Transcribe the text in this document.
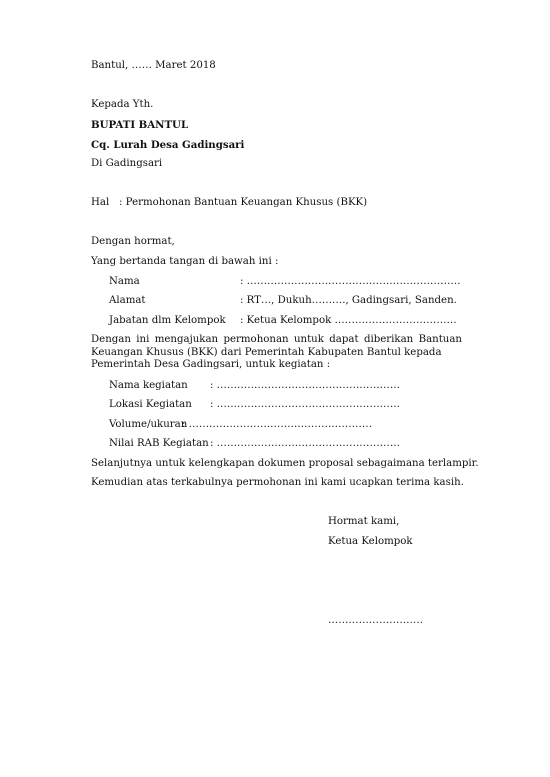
Bantul, …… Maret 2018
Kepada Yth.
BUPATI BANTUL
Cq. Lurah Desa Gadingsari
Di Gadingsari
Hal : Permohonan Bantuan Keuangan Khusus (BKK)
Dengan hormat,
Yang bertanda tangan di bawah ini :
Nama	: ………………………………………………………
Alamat	: RT…, Dukuh………., Gadingsari, Sanden.
Jabatan dlm Kelompok : Ketua Kelompok ………………………………
Dengan ini mengajukan permohonan untuk dapat diberikan Bantuan Keuangan Khusus (BKK) dari Pemerintah Kabupaten Bantul kepada
Pemerintah Desa Gadingsari, untuk kegiatan :
Nama kegiatan : ………………………………………………
Lokasi Kegiatan : ………………………………………………
Volume/ukuran
: ………………………………………………
Nilai RAB Kegiatan : ………………………………………………
Selanjutnya untuk kelengkapan dokumen proposal sebagaimana terlampir.
Kemudian atas terkabulnya permohonan ini kami ucapkan terima kasih.
Hormat kami,
Ketua Kelompok
……………………….
